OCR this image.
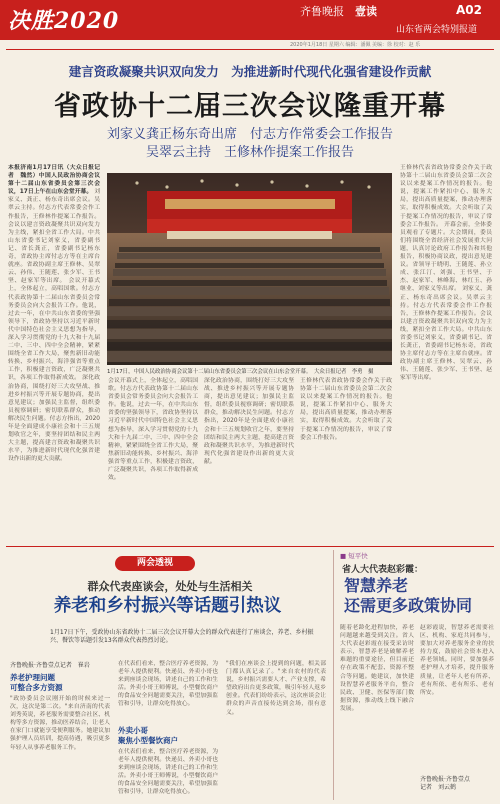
决胜2020	齐鲁晚报　 壹读	A02
山东省两会特别报道
2020年1月18日 星期六 编辑：潘佩 美编：徐 校对：赵 乐
建言资政凝聚共识双向发力　为推进新时代现代化强省建设作贡献
省政协十二届三次会议隆重开幕
刘家义龚正杨东奇出席　付志方作常委会工作报告
吴翠云主持　王修林作提案工作报告
本报济南1月17日讯（大众日报记者　魏然）中国人民政治协商会议第十二届山东省委员会第三次会议，17日上午在山东会堂开幕。 刘家义、龚正、杨东奇出席会议。吴翠云主持。付志方代表常委会作工作报告，王修林作提案工作报告。会议以建言资政凝聚共识双向发力为主线，紧扣全省工作大局。中共山东省委书记刘家义，省委副书记、省长龚正，省委副书记杨东奇，省政协主席付志方等在主席台就座。省政协副主席王修林、吴翠云、孙伟、王随莲、张少军、王书坚、赵家军等出席。 会议开幕式上，全体起立，高唱国歌。付志方代表政协第十二届山东省委员会常务委员会向大会报告工作。他说，过去一年，在中共山东省委的坚强领导下，省政协坚持以习近平新时代中国特色社会主义思想为指导，深入学习贯彻党的十九大和十九届二中、三中、四中全会精神，紧紧围绕全省工作大局，聚焦新旧动能转换、乡村振兴、海洋强省等重点工作，积极建言资政，广泛凝聚共识，各项工作取得新成效。 深化政治协商，围绕打好三大攻坚战、推进乡村振兴等开展专题协商，提出意见建议；加强民主监督，组织委员视察调研；密切联系群众，推动解决民生问题。付志方指出，2020年是全面建成小康社会和十三五规划收官之年，要坚持团结和民主两大主题，提高建言资政和凝聚共识水平，为推进新时代现代化强省建设作出新的更大贡献。
1月17日，中国人民政治协商会议第十二届山东省委员会第三次会议在山东会堂开幕。　大众日报记者　李勇　摄
会议开幕式上，全体起立，高唱国歌。付志方代表政协第十二届山东省委员会常务委员会向大会报告工作。他说，过去一年，在中共山东省委的坚强领导下，省政协坚持以习近平新时代中国特色社会主义思想为指导，深入学习贯彻党的十九大和十九届二中、三中、四中全会精神，紧紧围绕全省工作大局，聚焦新旧动能转换、乡村振兴、海洋强省等重点工作，积极建言资政，广泛凝聚共识，各项工作取得新成效。
深化政治协商，围绕打好三大攻坚战、推进乡村振兴等开展专题协商，提出意见建议；加强民主监督，组织委员视察调研；密切联系群众，推动解决民生问题。付志方指出，2020年是全面建成小康社会和十三五规划收官之年，要坚持团结和民主两大主题，提高建言资政和凝聚共识水平，为推进新时代现代化强省建设作出新的更大贡献。
王修林代表省政协常委会作关于政协第十二届山东省委员会第二次会议以来提案工作情况的报告。他说，提案工作紧扣中心、服务大局，提出高质量提案，推动办理落实，取得积极成效。大会听取了关于提案工作情况的报告，审议了常委会工作报告。
王修林代表省政协常委会作关于政协第十二届山东省委员会第二次会议以来提案工作情况的报告。他说，提案工作紧扣中心、服务大局，提出高质量提案，推动办理落实，取得积极成效。大会听取了关于提案工作情况的报告，审议了常委会工作报告。 开幕会前，全体委员观看了专题片。大会期间，委员们将围绕全省经济社会发展重大问题，认真讨论政府工作报告和其他报告，积极协商议政，提出意见建议。省领导于晓明、王随莲、孙立成、张江汀、刘强、王书坚、于杰、赵家军、林峰海、林红玉、孙继业、刘家义等出席。 刘家义、龚正、杨东奇出席会议。吴翠云主持。付志方代表常委会作工作报告，王修林作提案工作报告。会议以建言资政凝聚共识双向发力为主线，紧扣全省工作大局。中共山东省委书记刘家义，省委副书记、省长龚正，省委副书记杨东奇，省政协主席付志方等在主席台就座。省政协副主席王修林、吴翠云、孙伟、王随莲、张少军、王书坚、赵家军等出席。
两会透视
群众代表座谈会，处处与生活相关
养老和乡村振兴等话题引热议
1月17日下午，受政协山东省政协十二届三次会议开幕大会的群众代表进行了座谈会，养老、乡村振兴、餐饮等话题引发13名群众代表热烈讨论。
齐鲁晚报·齐鲁壹点记者　崔岩
养老护理问题
可整合多方资源
"政协委员会议刚开始的时候来过一次，这次是第二次。"来自济南的代表刘秀英说，养老服务需要整合社区、机构等多方资源，推动医养结合，让老人在家门口就能享受便利服务。她建议加强护理人员培训，提高待遇，吸引更多年轻人从事养老服务工作。
在代表们看来，整合医疗养老资源，为老年人提供便利。快递员、外卖小哥也来到座谈会现场，讲述自己的工作和生活。外卖小哥王师傅说，小型餐饮商户的食品安全问题需要关注，希望加强监管和引导，让群众吃得放心。
外卖小哥
聚焦小型餐饮商户
在代表们看来，整合医疗养老资源，为老年人提供便利。快递员、外卖小哥也来到座谈会现场，讲述自己的工作和生活。外卖小哥王师傅说，小型餐饮商户的食品安全问题需要关注，希望加强监管和引导，让群众吃得放心。
"我们在座谈会上提到的问题，相关部门都认真记录了。"来自农村的代表说，乡村振兴需要人才、产业支撑，希望政府出台更多政策，吸引年轻人返乡创业。代表们纷纷表示，这次座谈会让群众的声音直接传达到会场，很有意义。
■ 短平快
省人大代表赵彩霞：
智慧养老
还需更多政策协同
随着老龄化进程加快，养老问题越来越受到关注。省人大代表赵彩霞在接受采访时表示，智慧养老是破解养老难题的重要途径，但目前还存在政策不配套、资源不整合等问题。她建议，加快建设智慧养老服务平台，整合民政、卫健、医保等部门数据资源，推动线上线下融合发展。
赵彩霞说，智慧养老需要社区、机构、家庭共同参与，要加大对养老服务企业的扶持力度，鼓励社会资本进入养老领域。同时，要加强养老护理人才培养，提升服务质量，让老年人老有所养、老有所依、老有所乐、老有所安。
齐鲁晚报·齐鲁壹点
记者　刘云鹤
